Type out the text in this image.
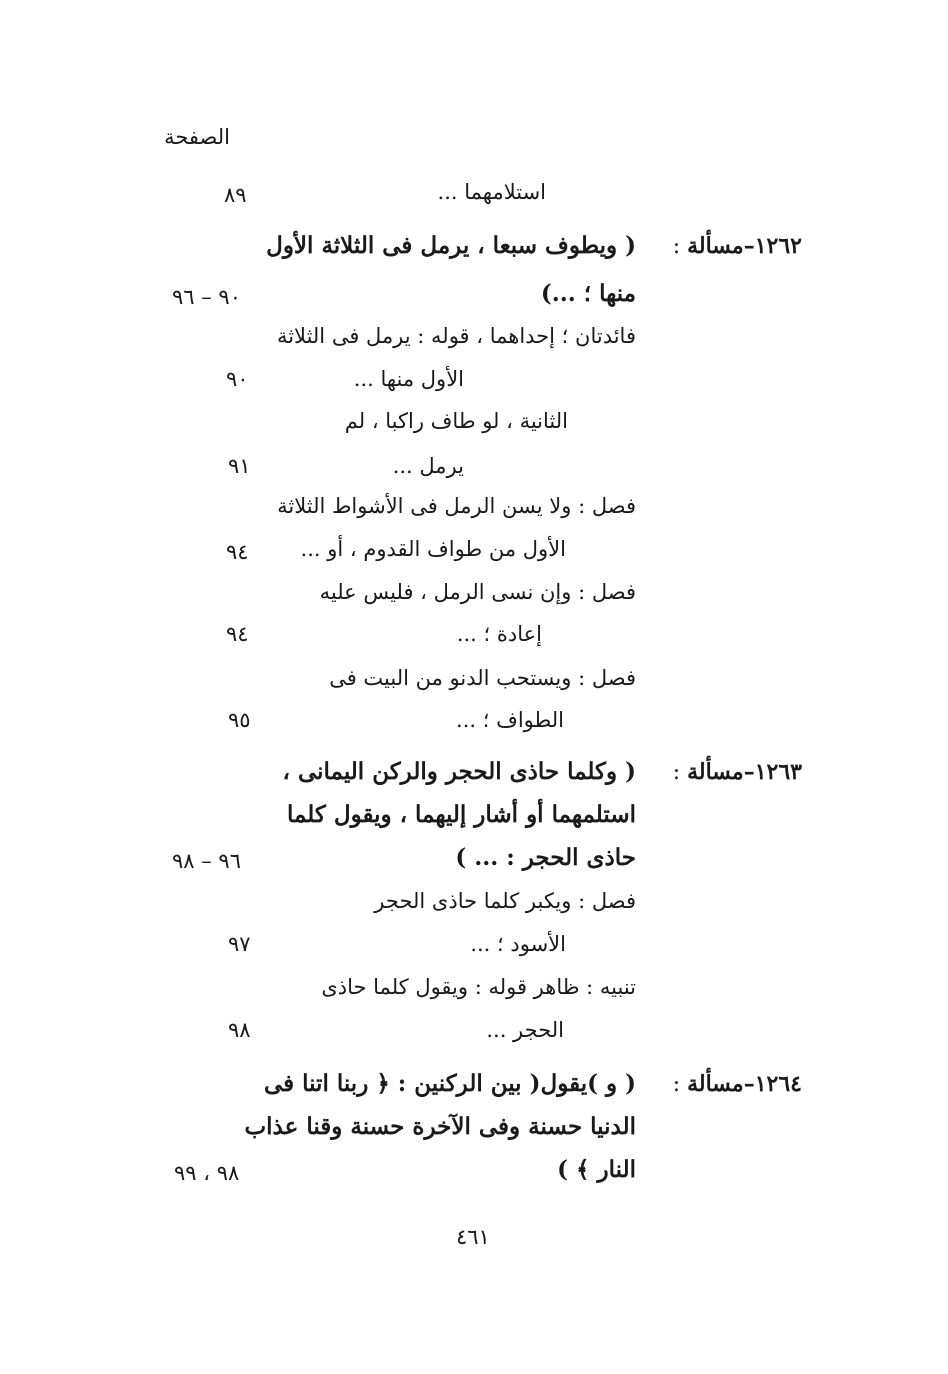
الصفحة
استلامهما ...
٨٩
١٢٦٢–مسألة :
( ويطوف سبعا ، يرمل فى الثلاثة الأول
منها ؛ ...)
٩٠ – ٩٦
فائدتان ؛ إحداهما ، قوله : يرمل فى الثلاثة
الأول منها ...
٩٠
الثانية ، لو طاف راكبا ، لم
يرمل ...
٩١
فصل : ولا يسن الرمل فى الأشواط الثلاثة
الأول من طواف القدوم ، أو ...
٩٤
فصل : وإن نسى الرمل ، فليس عليه
إعادة ؛ ...
٩٤
فصل : ويستحب الدنو من البيت فى
الطواف ؛ ...
٩٥
١٢٦٣–مسألة :
( وكلما حاذى الحجر والركن اليمانى ،
استلمهما أو أشار إليهما ، ويقول كلما
حاذى الحجر : ... )
٩٦ – ٩٨
فصل : ويكبر كلما حاذى الحجر
الأسود ؛ ...
٩٧
تنبيه : ظاهر قوله : ويقول كلما حاذى
الحجر ...
٩٨
١٢٦٤–مسألة :
( و )يقول( بين الركنين : ﴿ ربنا اتنا فى
الدنيا حسنة وفى الآخرة حسنة وقنا عذاب
النار ﴾ )
٩٨ ، ٩٩
٤٦١
